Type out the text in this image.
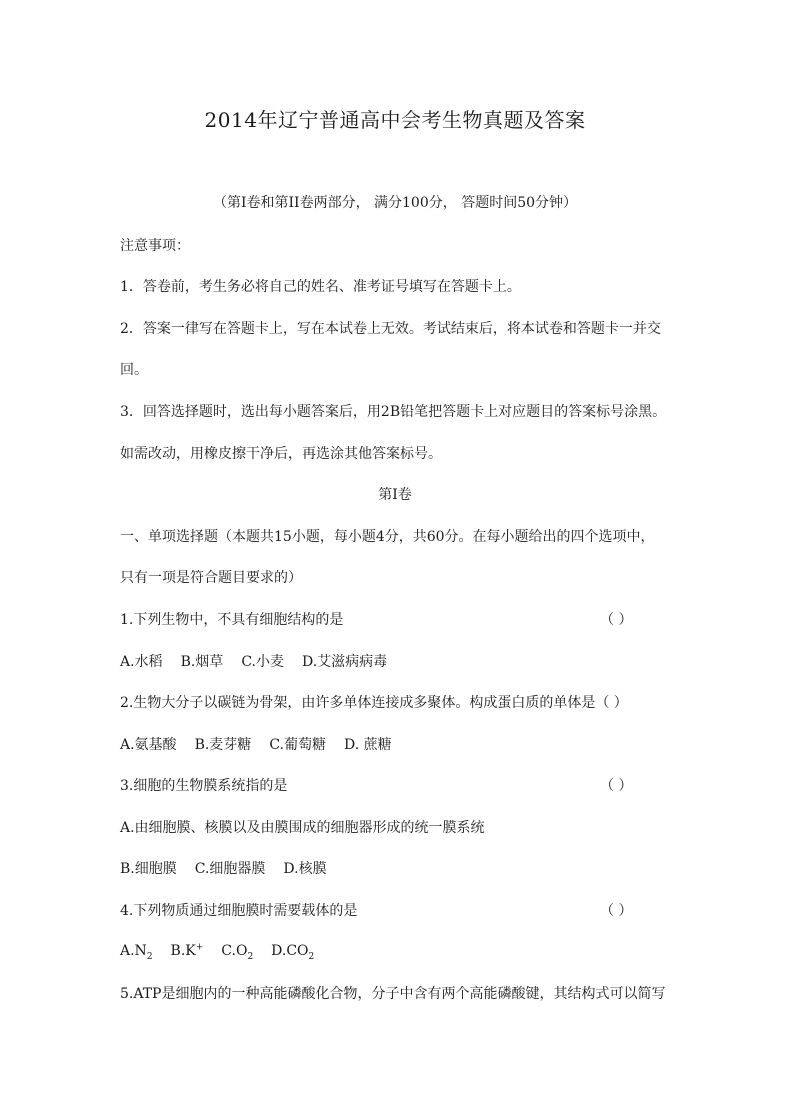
2014年辽宁普通高中会考生物真题及答案
（第I卷和第II卷两部分， 满分100分， 答题时间50分钟）
注意事项：
1．答卷前，考生务必将自己的姓名、准考证号填写在答题卡上。
2．答案一律写在答题卡上，写在本试卷上无效。考试结束后，将本试卷和答题卡一并交
回。
3．回答选择题时，选出每小题答案后，用2B铅笔把答题卡上对应题目的答案标号涂黑。
如需改动，用橡皮擦干净后，再选涂其他答案标号。
第I卷
一、单项选择题（本题共15小题，每小题4分，共60分。在每小题给出的四个选项中，
只有一项是符合题目要求的）
1.下列生物中，不具有细胞结构的是	（ ）
A.水稻 B.烟草 C.小麦 D.艾滋病病毒
2.生物大分子以碳链为骨架，由许多单体连接成多聚体。构成蛋白质的单体是（ ）
A.氨基酸 B.麦芽糖 C.葡萄糖 D. 蔗糖
3.细胞的生物膜系统指的是	（ ）
A.由细胞膜、核膜以及由膜围成的细胞器形成的统一膜系统
B.细胞膜 C.细胞器膜 D.核膜
4.下列物质通过细胞膜时需要载体的是	（ ）
$A.N_2$ B.K+ $C.O_2$ $D.CO_2$
5.ATP是细胞内的一种高能磷酸化合物，分子中含有两个高能磷酸键，其结构式可以简写
